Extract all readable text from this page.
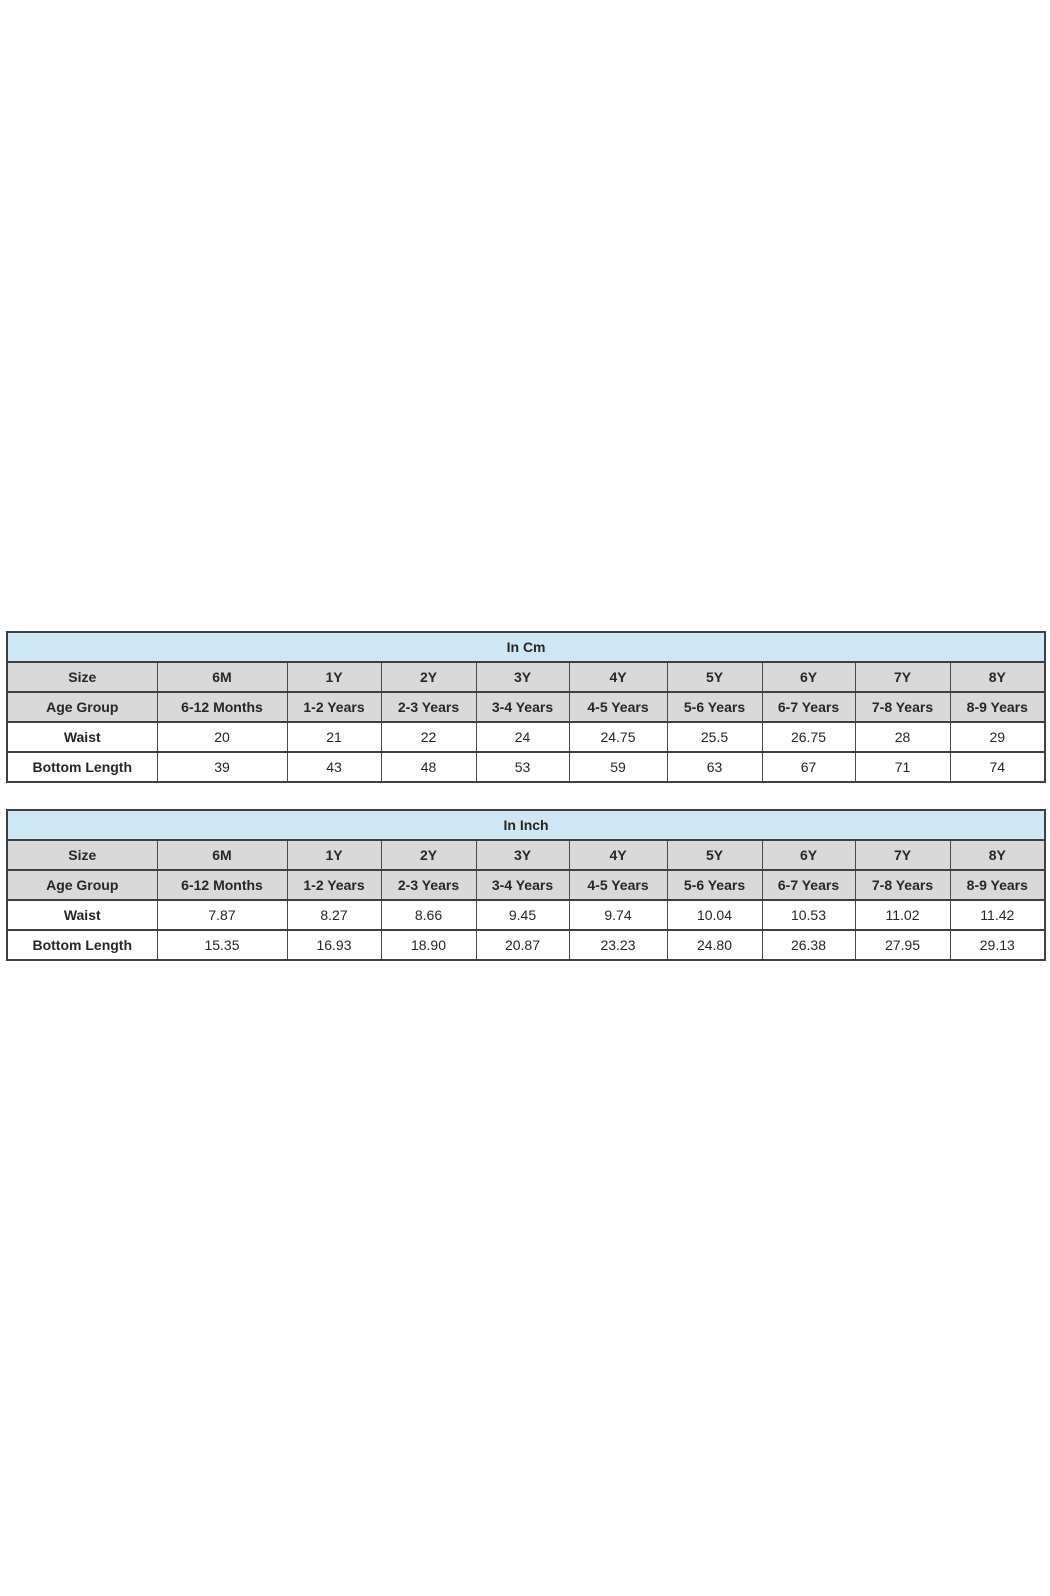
In Cm									
Size	6M	1Y	2Y	3Y	4Y	5Y	6Y	7Y	8Y
Age Group	6-12 Months	1-2 Years	2-3 Years	3-4 Years	4-5 Years	5-6 Years	6-7 Years	7-8 Years	8-9 Years
Waist	20	21	22	24	24.75	25.5	26.75	28	29
Bottom Length	39	43	48	53	59	63	67	71	74
In Inch									
Size	6M	1Y	2Y	3Y	4Y	5Y	6Y	7Y	8Y
Age Group	6-12 Months	1-2 Years	2-3 Years	3-4 Years	4-5 Years	5-6 Years	6-7 Years	7-8 Years	8-9 Years
Waist	7.87	8.27	8.66	9.45	9.74	10.04	10.53	11.02	11.42
Bottom Length	15.35	16.93	18.90	20.87	23.23	24.80	26.38	27.95	29.13
